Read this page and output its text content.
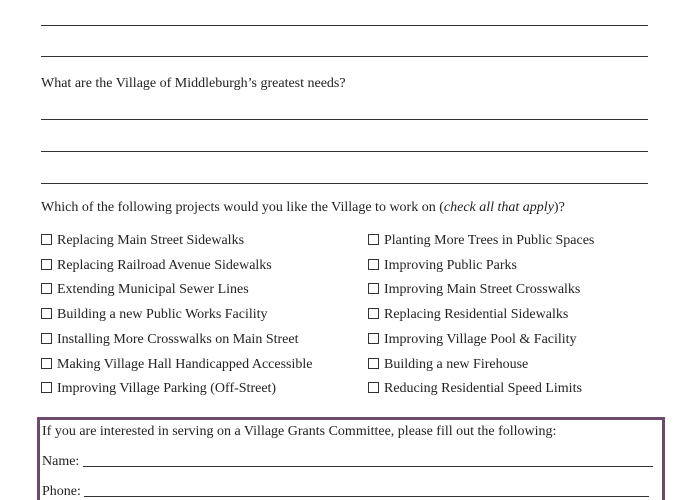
What are the Village of Middleburgh’s greatest needs?
Which of the following projects would you like the Village to work on (check all that apply)?
Replacing Main Street Sidewalks
Replacing Railroad Avenue Sidewalks
Extending Municipal Sewer Lines
Building a new Public Works Facility
Installing More Crosswalks on Main Street
Making Village Hall Handicapped Accessible
Improving Village Parking (Off-Street)
Planting More Trees in Public Spaces
Improving Public Parks
Improving Main Street Crosswalks
Replacing Residential Sidewalks
Improving Village Pool & Facility
Building a new Firehouse
Reducing Residential Speed Limits
If you are interested in serving on a Village Grants Committee, please fill out the following:
Name:
Phone:
